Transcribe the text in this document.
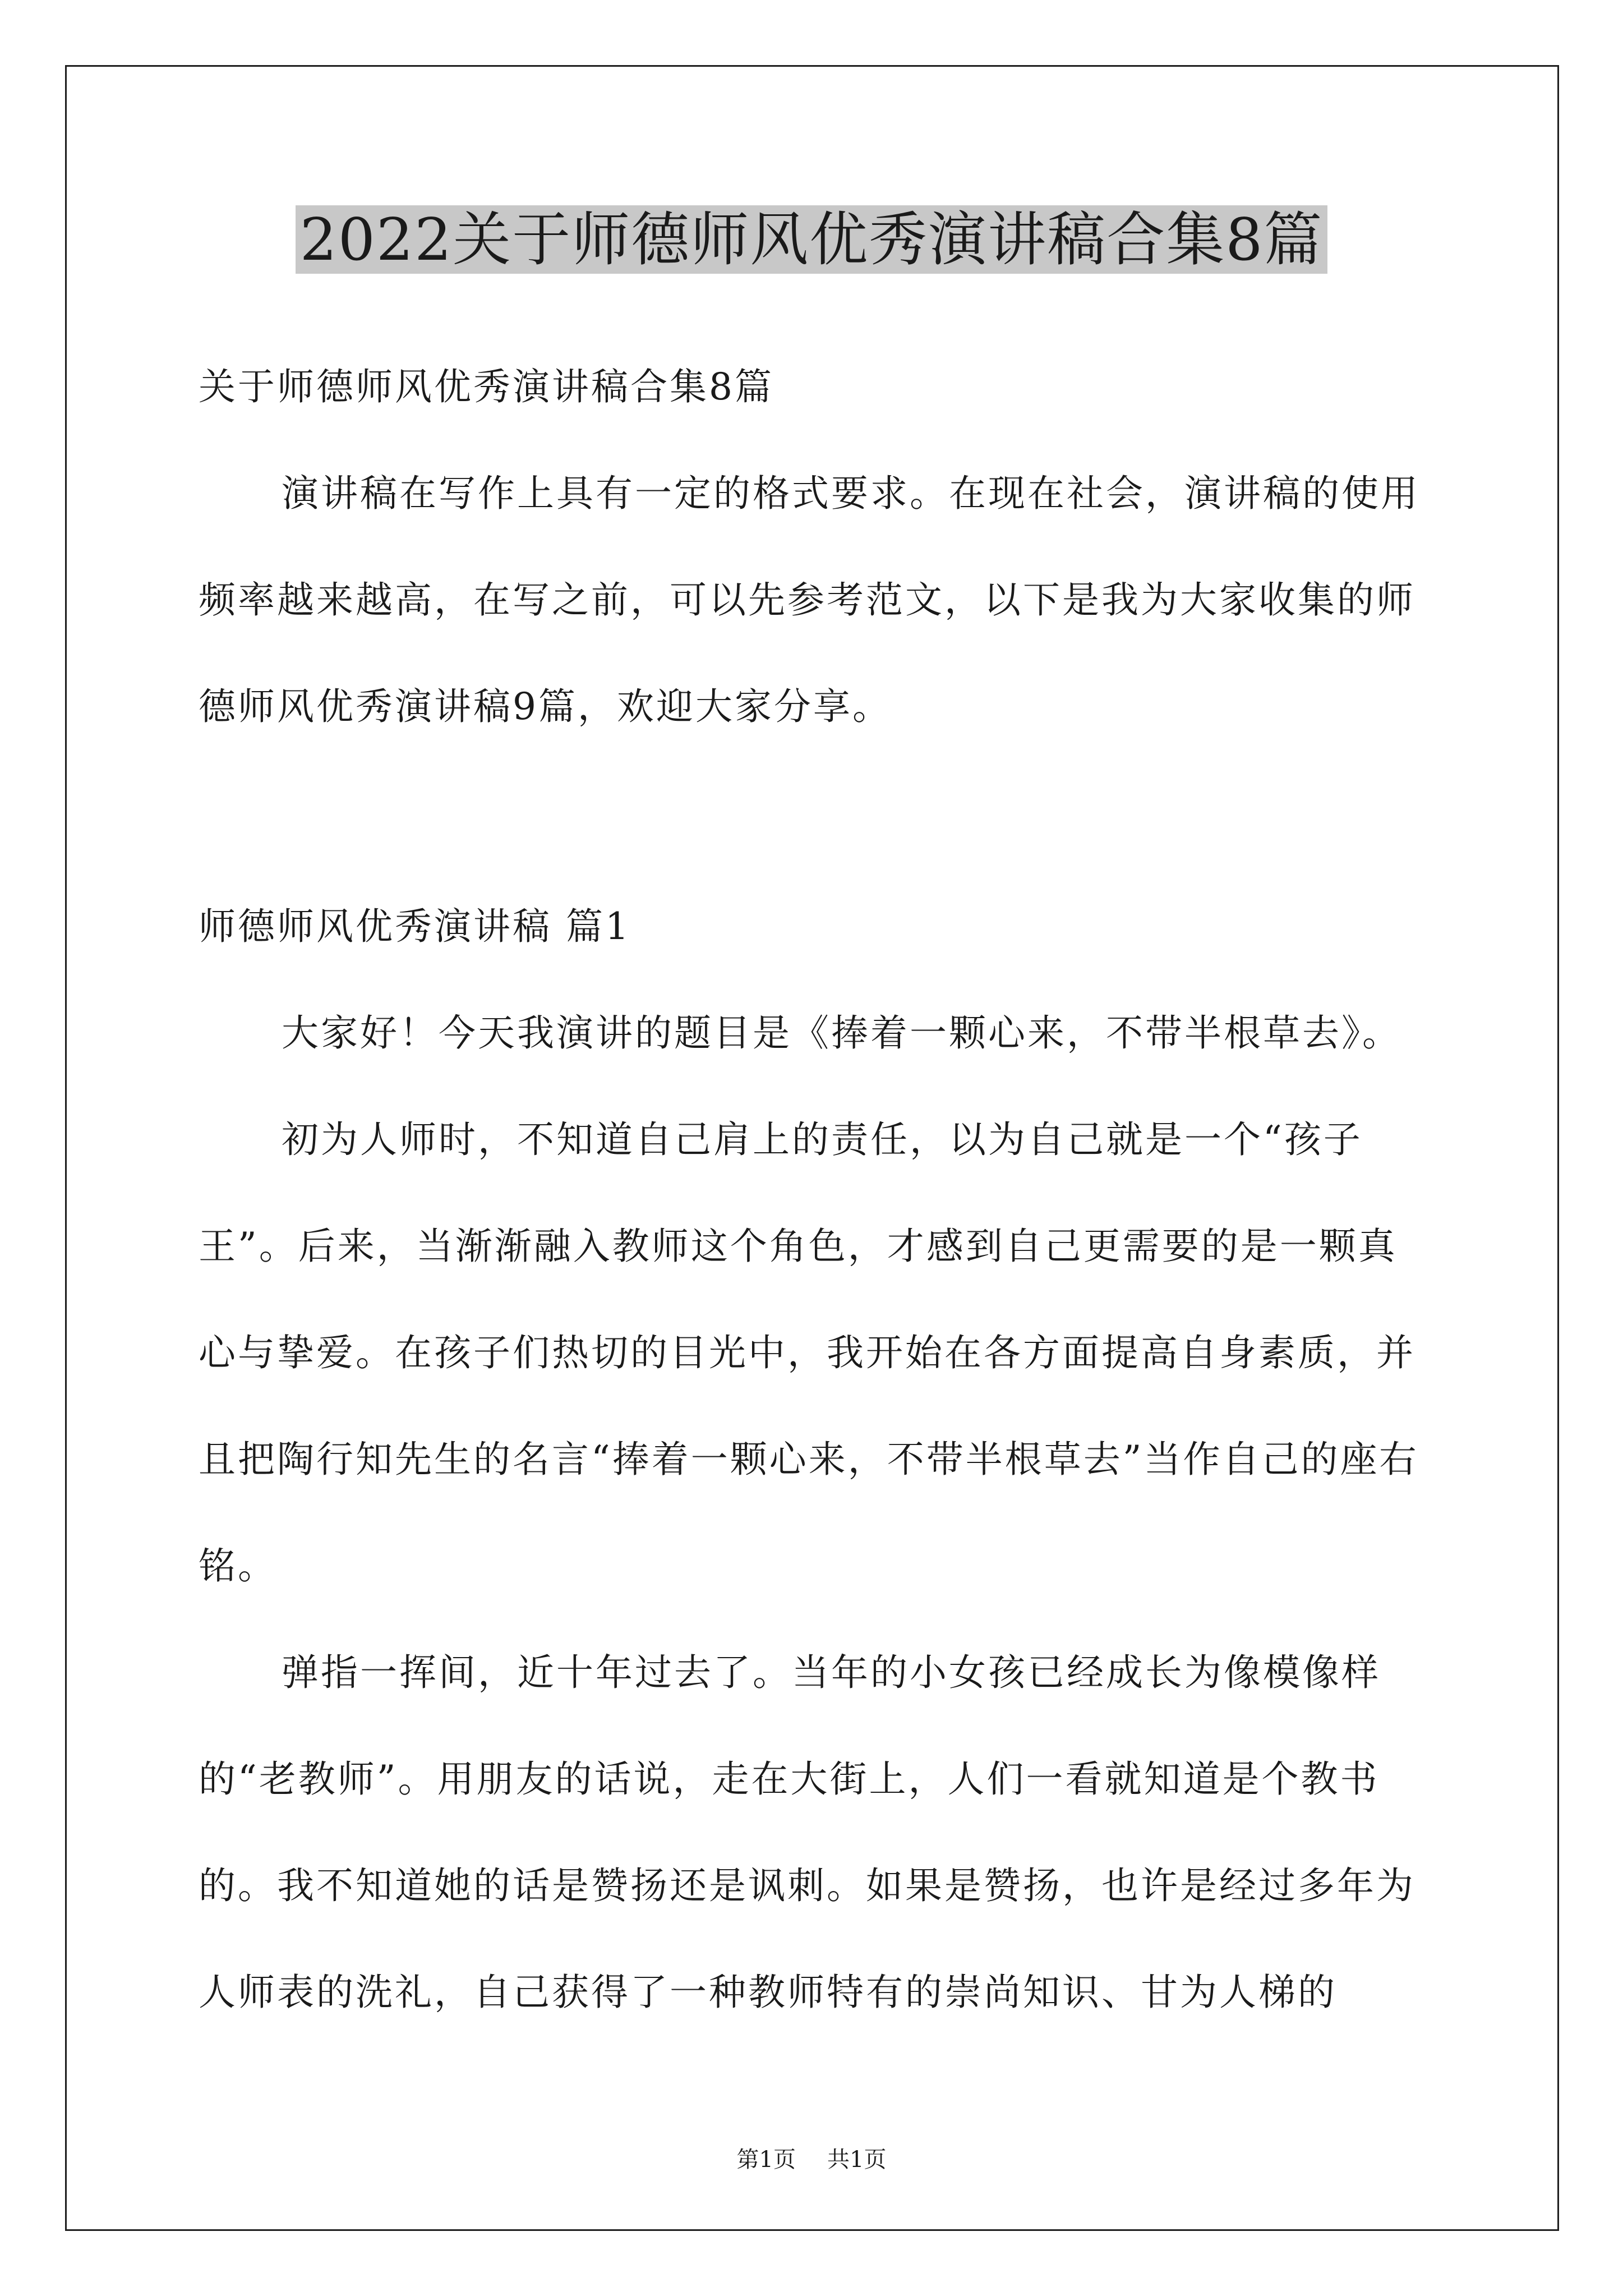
2022关于师德师风优秀演讲稿合集8篇

关于师德师风优秀演讲稿合集8篇

演讲稿在写作上具有一定的格式要求。在现在社会，演讲稿的使用频率越来越高，在写之前，可以先参考范文，以下是我为大家收集的师德师风优秀演讲稿9篇，欢迎大家分享。

师德师风优秀演讲稿 篇1

大家好！今天我演讲的题目是《捧着一颗心来，不带半根草去》。

初为人师时，不知道自己肩上的责任，以为自己就是一个“孩子王”。后来，当渐渐融入教师这个角色，才感到自己更需要的是一颗真心与挚爱。在孩子们热切的目光中，我开始在各方面提高自身素质，并且把陶行知先生的名言“捧着一颗心来，不带半根草去”当作自己的座右铭。

弹指一挥间，近十年过去了。当年的小女孩已经成长为像模像样的“老教师”。用朋友的话说，走在大街上，人们一看就知道是个教书的。我不知道她的话是赞扬还是讽刺。如果是赞扬，也许是经过多年为人师表的洗礼，自己获得了一种教师特有的崇尚知识、甘为人梯的

第1页 共1页
